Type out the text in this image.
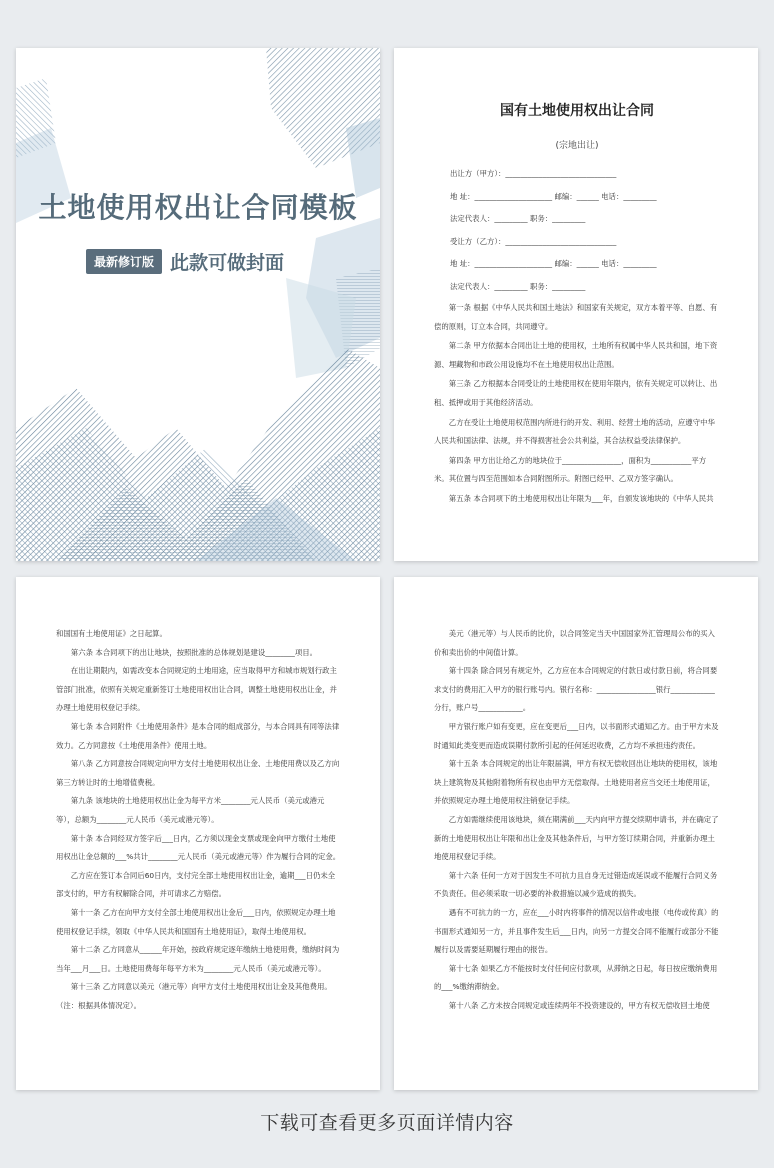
土地使用权出让合同模板
最新修订版 此款可做封面
国有土地使用权出让合同
(宗地出让)
出让方（甲方）：______________________________
地 址：_____________________ 邮编：______ 电话：_________
法定代表人：_________ 职务：_________
受让方（乙方）：______________________________
地 址：_____________________ 邮编：______ 电话：_________
法定代表人：_________ 职务：_________

第一条 根据《中华人民共和国土地法》和国家有关规定，双方本着平等、自愿、有偿的原则，订立本合同，共同遵守。

第二条 甲方依据本合同出让土地的使用权，土地所有权属中华人民共和国，地下资源、埋藏物和市政公用设施均不在土地使用权出让范围。

第三条 乙方根据本合同受让的土地使用权在使用年限内，依有关规定可以转让、出租、抵押或用于其他经济活动。

乙方在受让土地使用权范围内所进行的开发、利用、经营土地的活动，应遵守中华人民共和国法律、法规，并不得损害社会公共利益，其合法权益受法律保护。

第四条 甲方出让给乙方的地块位于________________，面积为___________平方米。其位置与四至范围如本合同附图所示。附图已经甲、乙双方签字确认。

第五条 本合同项下的土地使用权出让年限为___年，自颁发该地块的《中华人民共

和国国有土地使用证》之日起算。

第六条 本合同项下的出让地块，按照批准的总体规划是建设________项目。

在出让期限内，如需改变本合同规定的土地用途，应当取得甲方和城市规划行政主管部门批准，依照有关规定重新签订土地使用权出让合同，调整土地使用权出让金，并办理土地使用权登记手续。

第七条 本合同附件《土地使用条件》是本合同的组成部分，与本合同具有同等法律效力。乙方同意按《土地使用条件》使用土地。

第八条 乙方同意按合同规定向甲方支付土地使用权出让金、土地使用费以及乙方向第三方转让时的土地增值费税。

第九条 该地块的土地使用权出让金为每平方米________元人民币（美元或港元等），总额为________元人民币（美元或港元等）。

第十条 本合同经双方签字后___日内，乙方须以现金支票或现金向甲方缴付土地使用权出让金总额的___%共计________元人民币（美元或港元等）作为履行合同的定金。

乙方应在签订本合同后60日内，支付完全部土地使用权出让金，逾期___日仍未全部支付的，甲方有权解除合同，并可请求乙方赔偿。

第十一条 乙方在向甲方支付全部土地使用权出让金后___日内，依照规定办理土地使用权登记手续，领取《中华人民共和国国有土地使用证》，取得土地使用权。

第十二条 乙方同意从______年开始，按政府规定逐年缴纳土地使用费，缴纳时间为当年___月___日。土地使用费每年每平方米为________元人民币（美元或港元等）。

第十三条 乙方同意以美元（港元等）向甲方支付土地使用权出让金及其他费用。（注：根据具体情况定）。

美元（港元等）与人民币的比价，以合同签定当天中国国家外汇管理局公布的买入价和卖出价的中间值计算。

第十四条 除合同另有规定外，乙方应在本合同规定的付款日或付款日前，将合同要求支付的费用汇入甲方的银行账号内。银行名称：________________银行____________分行，账户号____________。

甲方银行账户如有变更，应在变更后___日内，以书面形式通知乙方。由于甲方未及时通知此类变更而造成误期付款所引起的任何延迟收费，乙方均不承担违约责任。

第十五条 本合同规定的出让年限届满，甲方有权无偿收回出让地块的使用权，该地块上建筑物及其他附着物所有权也由甲方无偿取得。土地使用者应当交还土地使用证，并依照规定办理土地使用权注销登记手续。

乙方如需继续使用该地块，须在期满前___天内向甲方提交续期申请书，并在确定了新的土地使用权出让年限和出让金及其他条件后，与甲方签订续期合同，并重新办理土地使用权登记手续。

第十六条 任何一方对于因发生不可抗力且自身无过错造成延误或不能履行合同义务不负责任。但必须采取一切必要的补救措施以减少造成的损失。

遇有不可抗力的一方，应在___小时内将事件的情况以信件或电报（电传或传真）的书面形式通知另一方，并且事件发生后___日内，向另一方提交合同不能履行或部分不能履行以及需要延期履行理由的报告。

第十七条 如果乙方不能按时支付任何应付款项，从滞纳之日起，每日按应缴纳费用的___%缴纳滞纳金。

第十八条 乙方未按合同规定或连续两年不投资建设的，甲方有权无偿收回土地使

下载可查看更多页面详情内容
